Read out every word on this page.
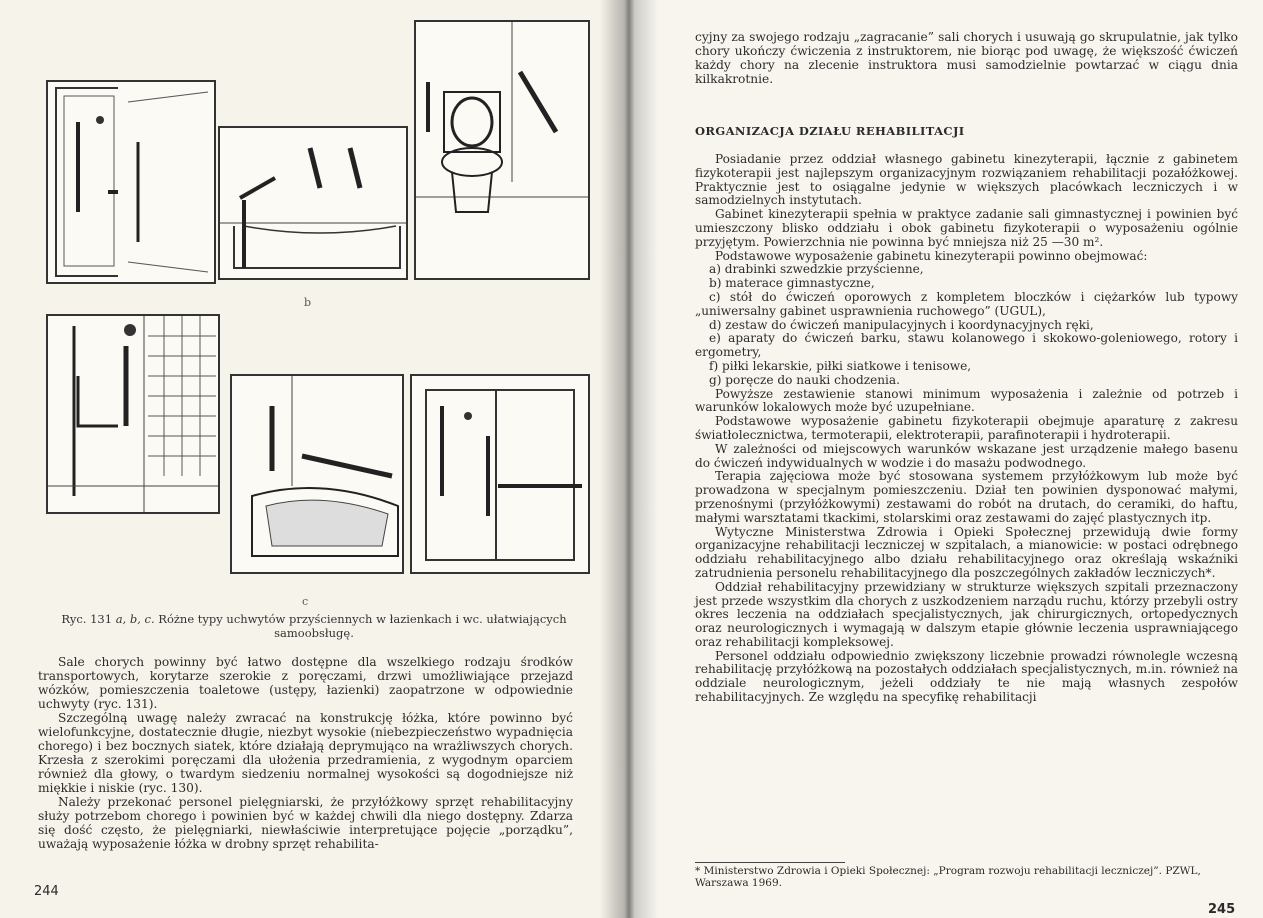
b
c
Ryc. 131 a, b, c. Różne typy uchwytów przyściennych w łazienkach i wc. ułatwiających samoobsługę.

Sale chorych powinny być łatwo dostępne dla wszelkiego rodzaju środków transportowych, korytarze szerokie z poręczami, drzwi umożliwiające przejazd wózków, pomieszczenia toaletowe (ustępy, łazienki) zaopatrzone w odpowiednie uchwyty (ryc. 131).

Szczególną uwagę należy zwracać na konstrukcję łóżka, które powinno być wielofunkcyjne, dostatecznie długie, niezbyt wysokie (niebezpieczeństwo wypadnięcia chorego) i bez bocznych siatek, które działają deprymująco na wrażliwszych chorych. Krzesła z szerokimi poręczami dla ułożenia przedramienia, z wygodnym oparciem również dla głowy, o twardym siedzeniu normalnej wysokości są dogodniejsze niż miękkie i niskie (ryc. 130).

Należy przekonać personel pielęgniarski, że przyłóżkowy sprzęt rehabilitacyjny służy potrzebom chorego i powinien być w każdej chwili dla niego dostępny. Zdarza się dość często, że pielęgniarki, niewłaściwie interpretujące pojęcie „porządku”, uważają wyposażenie łóżka w drobny sprzęt rehabilita-

244

cyjny za swojego rodzaju „zagracanie” sali chorych i usuwają go skrupulatnie, jak tylko chory ukończy ćwiczenia z instruktorem, nie biorąc pod uwagę, że większość ćwiczeń każdy chory na zlecenie instruktora musi samodzielnie powtarzać w ciągu dnia kilkakrotnie.

ORGANIZACJA DZIAŁU REHABILITACJI

Posiadanie przez oddział własnego gabinetu kinezyterapii, łącznie z gabinetem fizykoterapii jest najlepszym organizacyjnym rozwiązaniem rehabilitacji pozałóżkowej. Praktycznie jest to osiągalne jedynie w większych placówkach leczniczych i w samodzielnych instytutach.

Gabinet kinezyterapii spełnia w praktyce zadanie sali gimnastycznej i powinien być umieszczony blisko oddziału i obok gabinetu fizykoterapii o wyposażeniu ogólnie przyjętym. Powierzchnia nie powinna być mniejsza niż 25 —30 m².

Podstawowe wyposażenie gabinetu kinezyterapii powinno obejmować:

a) drabinki szwedzkie przyścienne,

b) materace gimnastyczne,

c) stół do ćwiczeń oporowych z kompletem bloczków i ciężarków lub typowy „uniwersalny gabinet usprawnienia ruchowego” (UGUL),

d) zestaw do ćwiczeń manipulacyjnych i koordynacyjnych ręki,

e) aparaty do ćwiczeń barku, stawu kolanowego i skokowo-goleniowego, rotory i ergometry,

f) piłki lekarskie, piłki siatkowe i tenisowe,

g) poręcze do nauki chodzenia.

Powyższe zestawienie stanowi minimum wyposażenia i zależnie od potrzeb i warunków lokalowych może być uzupełniane.

Podstawowe wyposażenie gabinetu fizykoterapii obejmuje aparaturę z zakresu światłolecznictwa, termoterapii, elektroterapii, parafinoterapii i hydroterapii.

W zależności od miejscowych warunków wskazane jest urządzenie małego basenu do ćwiczeń indywidualnych w wodzie i do masażu podwodnego.

Terapia zajęciowa może być stosowana systemem przyłóżkowym lub może być prowadzona w specjalnym pomieszczeniu. Dział ten powinien dysponować małymi, przenośnymi (przyłóżkowymi) zestawami do robót na drutach, do ceramiki, do haftu, małymi warsztatami tkackimi, stolarskimi oraz zestawami do zajęć plastycznych itp.

Wytyczne Ministerstwa Zdrowia i Opieki Społecznej przewidują dwie formy organizacyjne rehabilitacji leczniczej w szpitalach, a mianowicie: w postaci odrębnego oddziału rehabilitacyjnego albo działu rehabilitacyjnego oraz określają wskaźniki zatrudnienia personelu rehabilitacyjnego dla poszczególnych zakładów leczniczych*.

Oddział rehabilitacyjny przewidziany w strukturze większych szpitali przeznaczony jest przede wszystkim dla chorych z uszkodzeniem narządu ruchu, którzy przebyli ostry okres leczenia na oddziałach specjalistycznych, jak chirurgicznych, ortopedycznych oraz neurologicznych i wymagają w dalszym etapie głównie leczenia usprawniającego oraz rehabilitacji kompleksowej.

Personel oddziału odpowiednio zwiększony liczebnie prowadzi równolegle wczesną rehabilitację przyłóżkową na pozostałych oddziałach specjalistycznych, m.in. również na oddziale neurologicznym, jeżeli oddziały te nie mają własnych zespołów rehabilitacyjnych. Ze względu na specyfikę rehabilitacji

* Ministerstwo Zdrowia i Opieki Społecznej: „Program rozwoju rehabilitacji leczniczej”. PZWL, Warszawa 1969.
245
